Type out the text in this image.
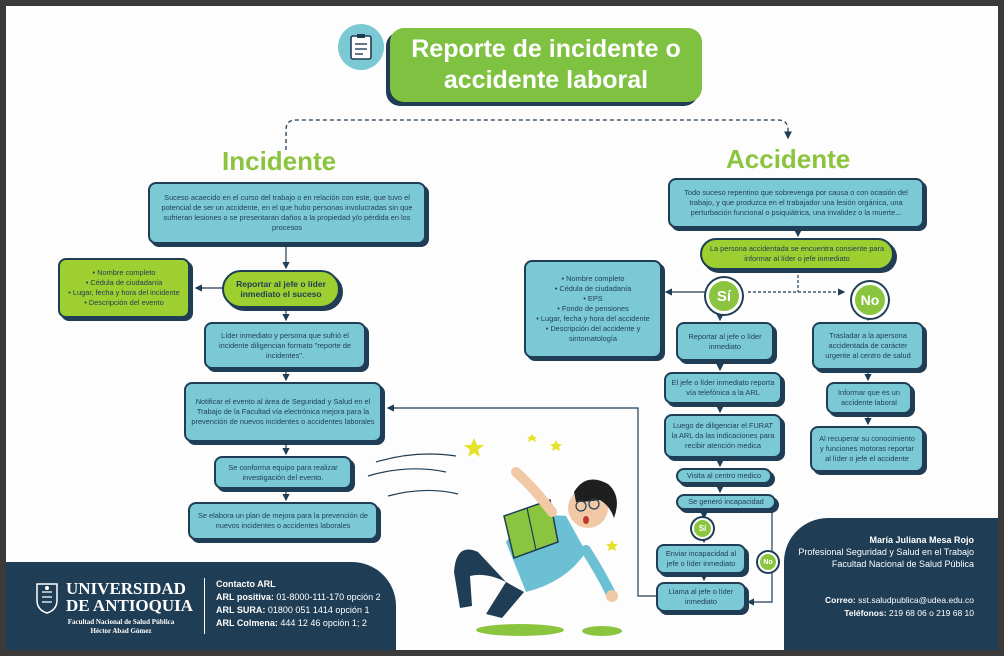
Reporte de incidente o
accidente laboral
Incidente
Suceso acaecido en el curso del trabajo o en relación con este, que tuvo el potencial de ser un accidente, en el que hubo personas involucradas sin que sufrieran lesiones o se presentaran daños a la propiedad y/o pérdida en los procesos
• Nombre completo
• Cédula de ciudadanía
• Lugar, fecha y hora del incidente
• Descripción del evento
Reportar al jefe o líder inmediato el suceso
Líder inmediato y persona que sufrió el incidente diligencian formato "reporte de incidentes".
Notificar el evento al área de Seguridad y Salud en el Trabajo de la Facultad vía electrónica mejora para la prevención de nuevos incidentes o accidentes laborales
Se conforma equipo para realizar investigación del evento.
Se elabora un plan de mejora para la prevención de nuevos incidentes o accidentes laborales
Accidente
Todo suceso repentino que sobrevenga por causa o con ocasión del trabajo, y que produzca en el trabajador una lesión orgánica, una perturbación funcional o psiquiátrica, una invalidez o la muerte...
La persona accidentada se encuentra consiente para informar al líder o jefe inmediato
Sí	No
• Nombre completo
• Cédula de ciudadanía
• EPS
• Fondo de pensiones
• Lugar, fecha y hora del accidente
• Descripción del accidente y sintomatología	Reportar al jefe o líder inmediato
El jefe o líder inmediato reporta vía telefónica a la ARL
Luego de diligenciar el FURAT la ARL da las indicaciones para recibir atención medica
Visita al centro medico
Se generó incapacidad
Sí
No
Enviar incapacidad al jefe o líder inmediato
Llama al jefe o líder inmediato
Trasladar a la apersona accidentada de carácter urgente al centro de salud
Informar que es un accidente laboral
Al recuperar su conocimiento y funciones motoras reportar al líder o jefe el accidente
UNIVERSIDAD
DE ANTIOQUIA
Facultad Nacional de Salud Pública
Héctor Abad Gómez
Contacto ARL
ARL positiva: 01-8000-111-170 opción 2
ARL SURA: 01800 051 1414 opción 1
ARL Colmena: 444 12 46 opción 1; 2
María Juliana Mesa Rojo
Profesional Seguridad y Salud en el Trabajo
Facultad Nacional de Salud Pública
Correo: sst.saludpublica@udea.edu.co
Teléfonos: 219 68 06 o 219 68 10
